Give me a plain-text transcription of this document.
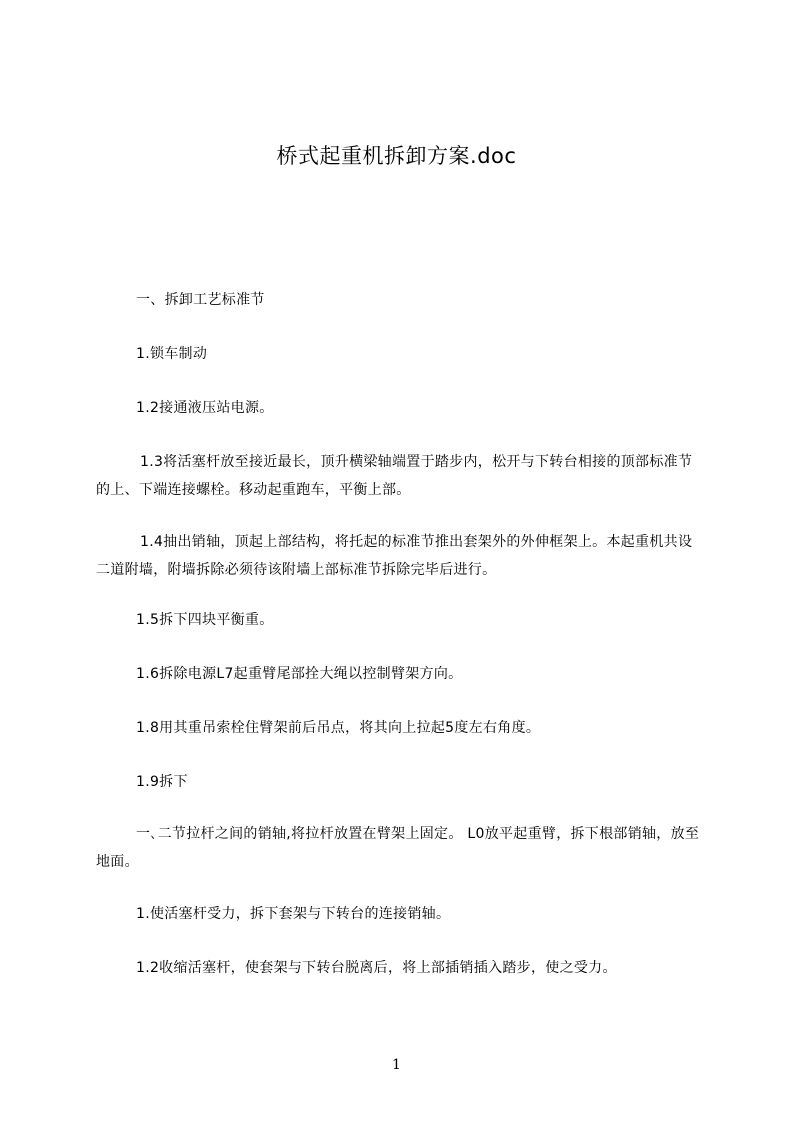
桥式起重机拆卸方案.doc
一、拆卸工艺标准节
1.锁车制动
1.2接通液压站电源。
1.3将活塞杆放至接近最长，顶升横梁轴端置于踏步内，松开与下转台相接的顶部标准节的上、下端连接螺栓。移动起重跑车，平衡上部。
1.4抽出销轴，顶起上部结构，将托起的标准节推出套架外的外伸框架上。本起重机共设二道附墙，附墙拆除必须待该附墙上部标准节拆除完毕后进行。
1.5拆下四块平衡重。
1.6拆除电源L7起重臂尾部拴大绳以控制臂架方向。
1.8用其重吊索栓住臂架前后吊点，将其向上拉起5度左右角度。
1.9拆下
一､二节拉杆之间的销轴,将拉杆放置在臂架上固定。 L0放平起重臂，拆下根部销轴，放至地面。
1.使活塞杆受力，拆下套架与下转台的连接销轴。
1.2收缩活塞杆，使套架与下转台脱离后，将上部插销插入踏步，使之受力。
1
